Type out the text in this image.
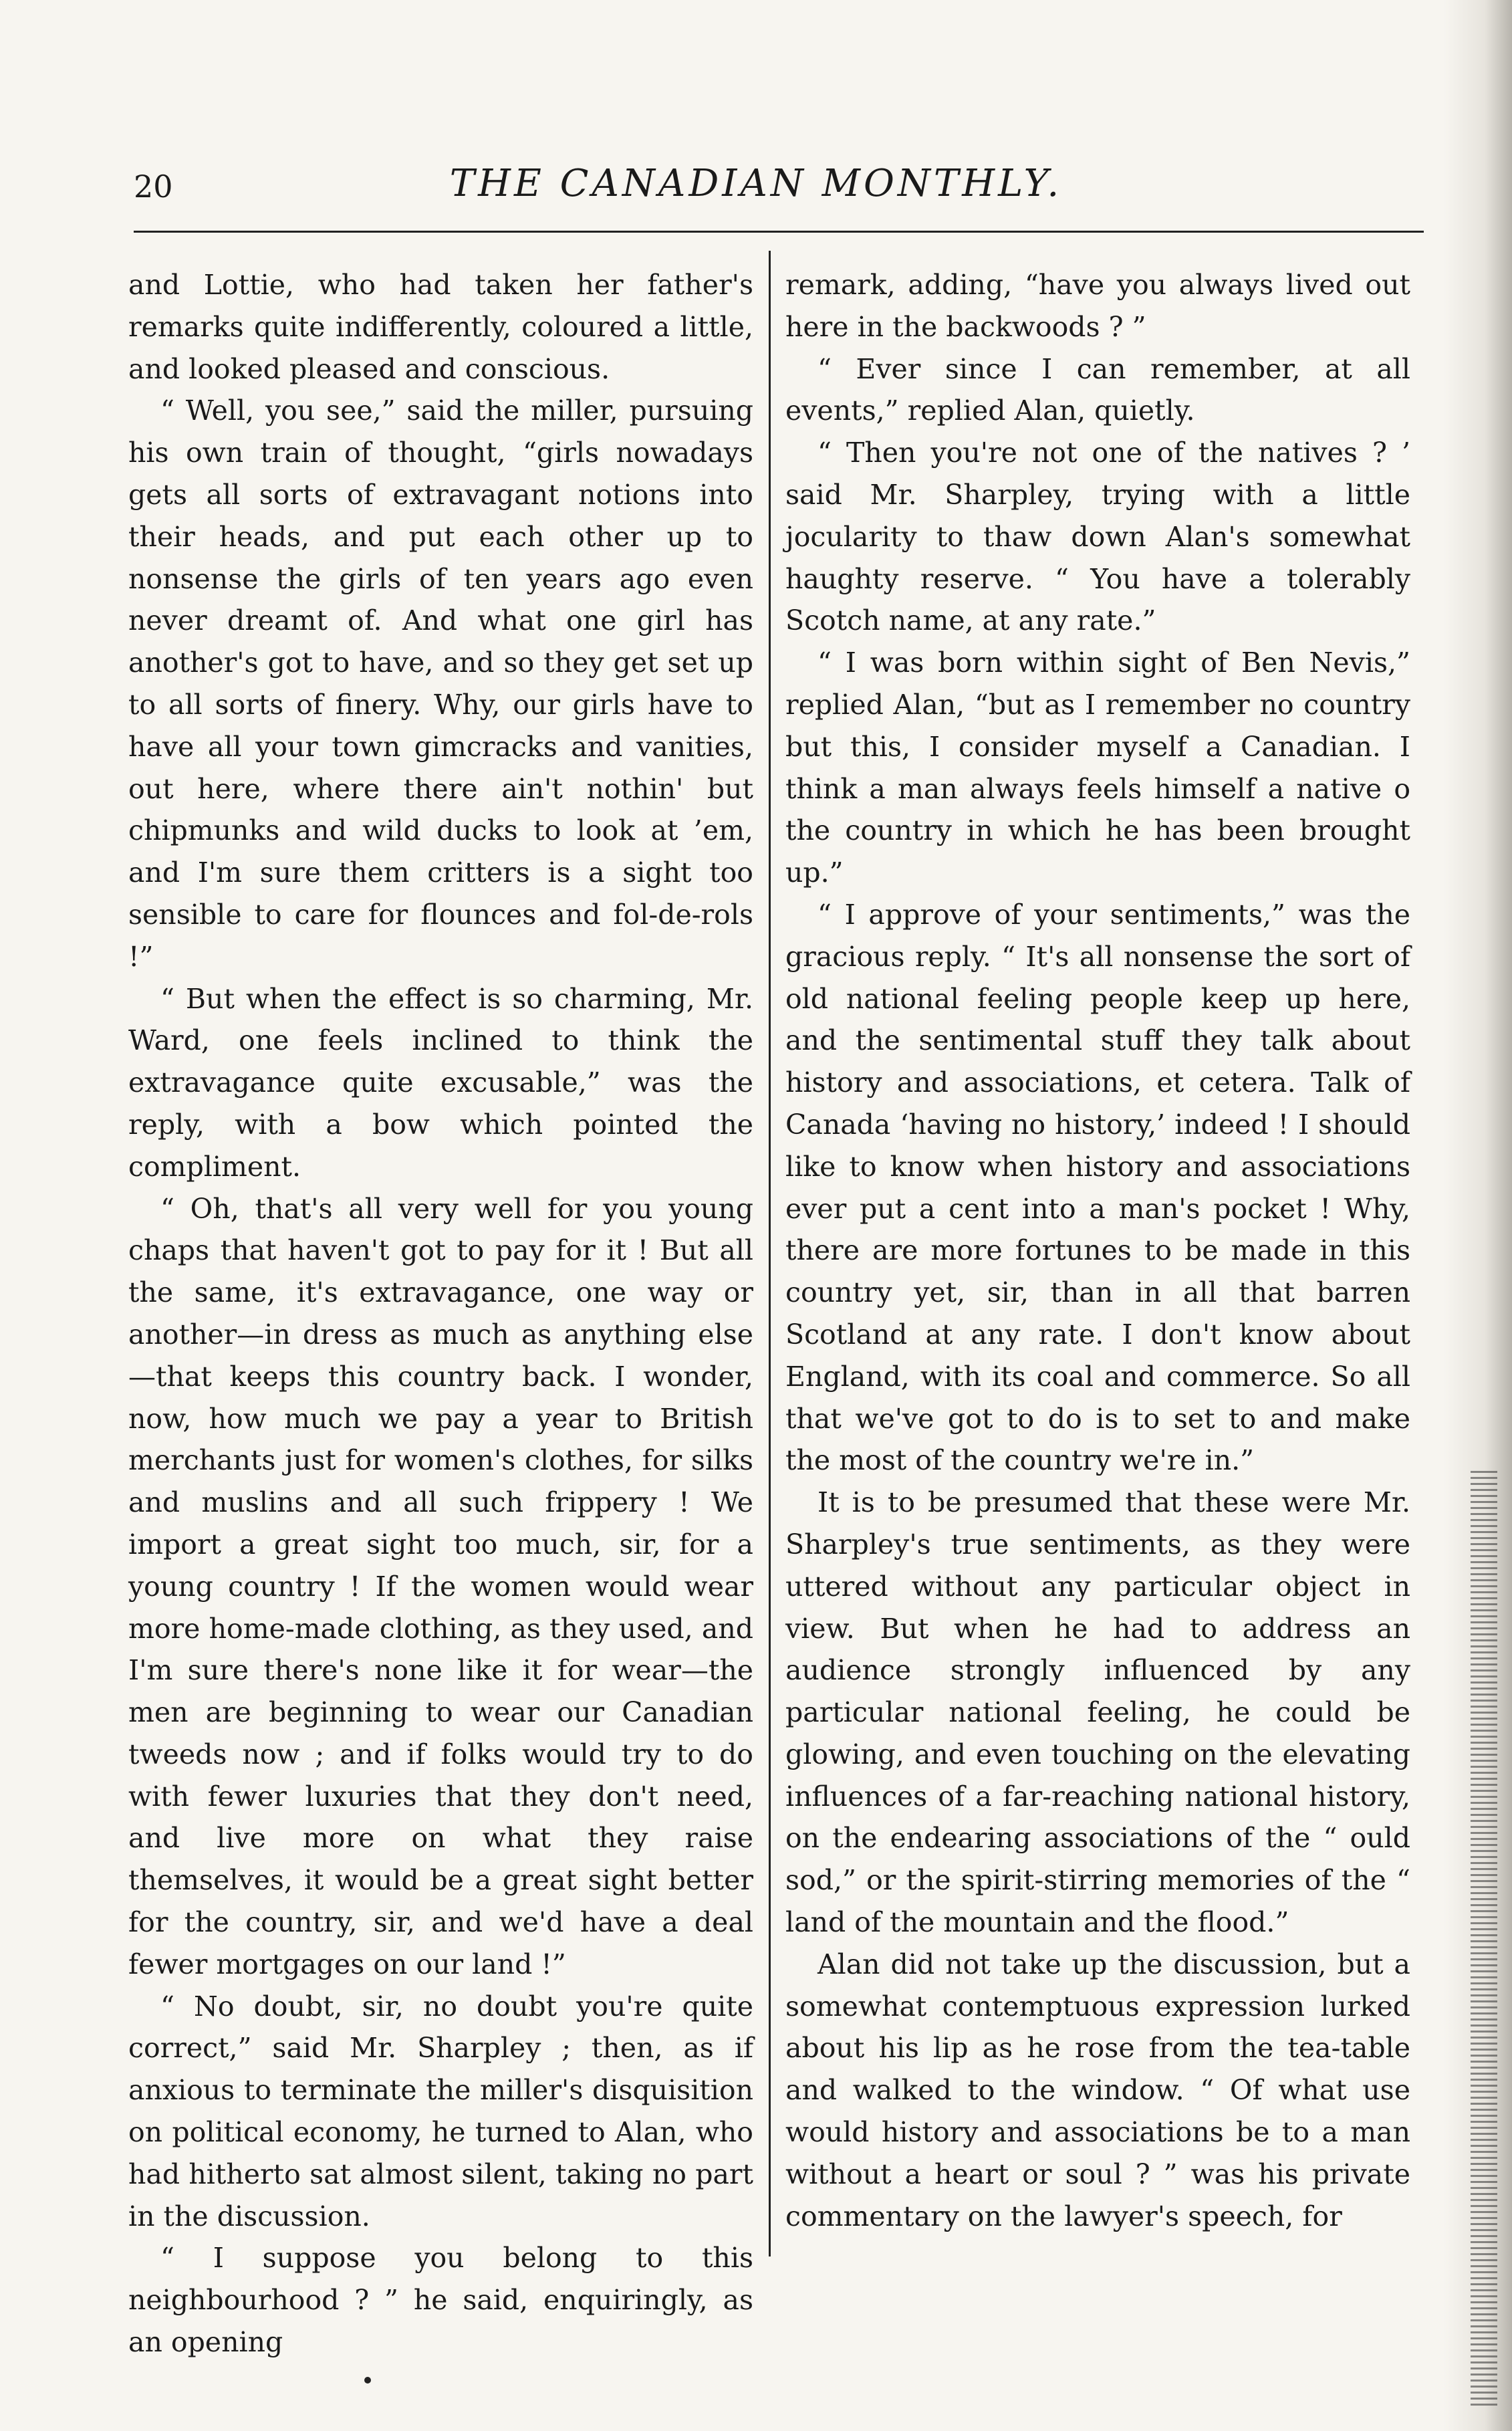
20	THE CANADIAN MONTHLY.

and Lottie, who had taken her father's remarks quite indifferently, coloured a little, and looked pleased and conscious.

“ Well, you see,” said the miller, pursuing his own train of thought, “girls nowadays gets all sorts of extravagant notions into their heads, and put each other up to nonsense the girls of ten years ago even never dreamt of. And what one girl has another's got to have, and so they get set up to all sorts of finery. Why, our girls have to have all your town gimcracks and vanities, out here, where there ain't nothin' but chipmunks and wild ducks to look at ’em, and I'm sure them critters is a sight too sensible to care for flounces and fol-de-rols !”

“ But when the effect is so charming, Mr. Ward, one feels inclined to think the extravagance quite excusable,” was the reply, with a bow which pointed the compliment.

“ Oh, that's all very well for you young chaps that haven't got to pay for it ! But all the same, it's extravagance, one way or another—in dress as much as anything else —that keeps this country back. I wonder, now, how much we pay a year to British merchants just for women's clothes, for silks and muslins and all such frippery ! We import a great sight too much, sir, for a young country ! If the women would wear more home-made clothing, as they used, and I'm sure there's none like it for wear—the men are beginning to wear our Canadian tweeds now ; and if folks would try to do with fewer luxuries that they don't need, and live more on what they raise themselves, it would be a great sight better for the country, sir, and we'd have a deal fewer mortgages on our land !”

“ No doubt, sir, no doubt you're quite correct,” said Mr. Sharpley ; then, as if anxious to terminate the miller's disquisition on political economy, he turned to Alan, who had hitherto sat almost silent, taking no part in the discussion.

“ I suppose you belong to this neighbourhood ? ” he said, enquiringly, as an opening

remark, adding, “have you always lived out here in the backwoods ? ”

“ Ever since I can remember, at all events,” replied Alan, quietly.

“ Then you're not one of the natives ? ’ said Mr. Sharpley, trying with a little jocularity to thaw down Alan's somewhat haughty reserve. “ You have a tolerably Scotch name, at any rate.”

“ I was born within sight of Ben Nevis,” replied Alan, “but as I remember no country but this, I consider myself a Canadian. I think a man always feels himself a native o the country in which he has been brought up.”

“ I approve of your sentiments,” was the gracious reply. “ It's all nonsense the sort of old national feeling people keep up here, and the sentimental stuff they talk about history and associations, et cetera. Talk of Canada ‘having no history,’ indeed ! I should like to know when history and associations ever put a cent into a man's pocket ! Why, there are more fortunes to be made in this country yet, sir, than in all that barren Scotland at any rate. I don't know about England, with its coal and commerce. So all that we've got to do is to set to and make the most of the country we're in.”

It is to be presumed that these were Mr. Sharpley's true sentiments, as they were uttered without any particular object in view. But when he had to address an audience strongly influenced by any particular national feeling, he could be glowing, and even touching on the elevating influences of a far-reaching national history, on the endearing associations of the “ ould sod,” or the spirit-stirring memories of the “ land of the mountain and the flood.”

Alan did not take up the discussion, but a somewhat contemptuous expression lurked about his lip as he rose from the tea-table and walked to the window. “ Of what use would history and associations be to a man without a heart or soul ? ” was his private commentary on the lawyer's speech, for
